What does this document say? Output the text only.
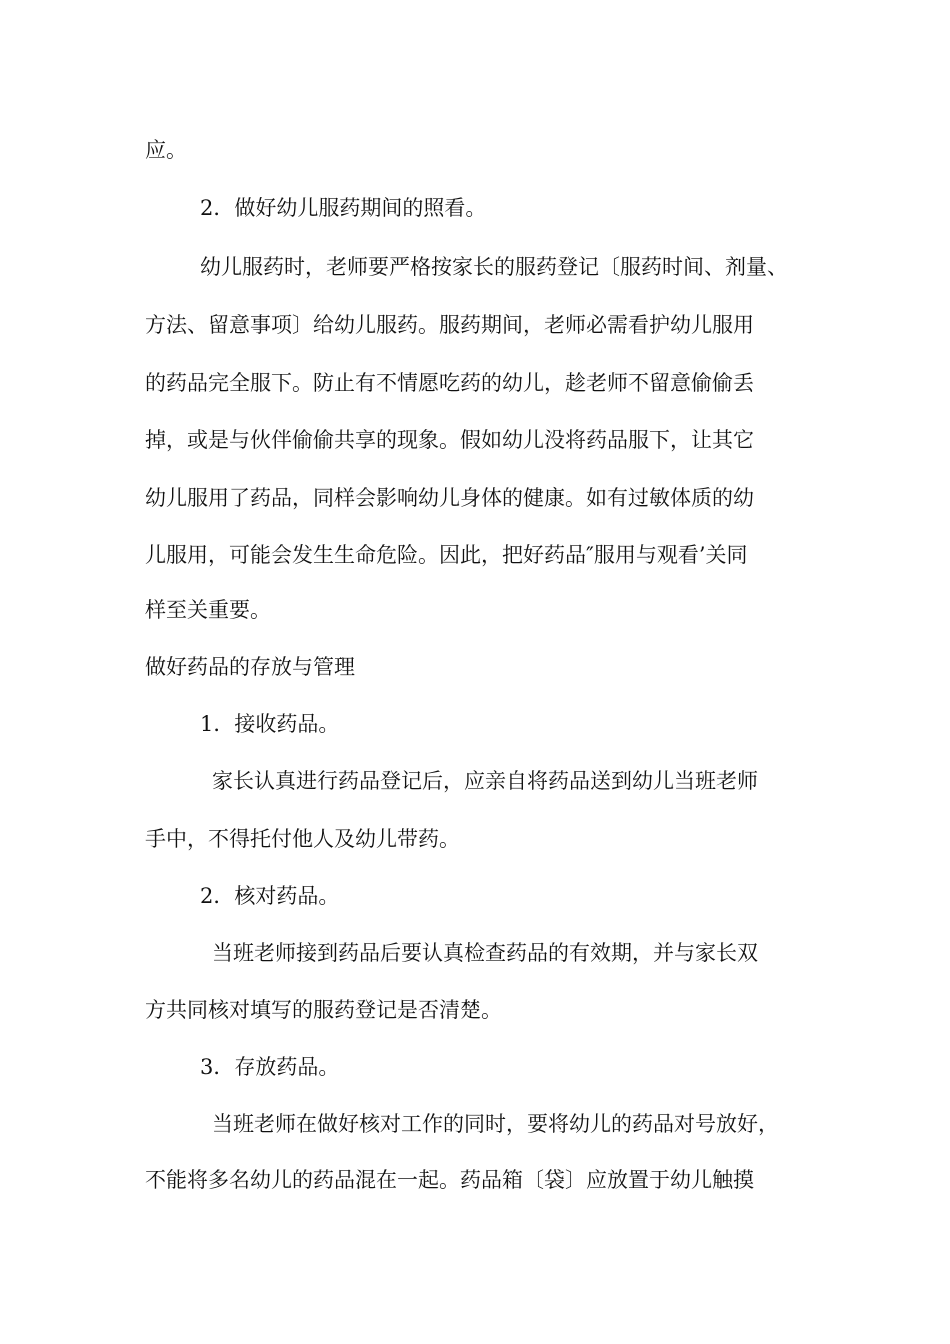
应。
2．做好幼儿服药期间的照看。
幼儿服药时，老师要严格按家长的服药登记〔服药时间、剂量、
方法、留意事项〕给幼儿服药。服药期间，老师必需看护幼儿服用
的药品完全服下。防止有不情愿吃药的幼儿，趁老师不留意偷偷丢
掉，或是与伙伴偷偷共享的现象。假如幼儿没将药品服下，让其它
幼儿服用了药品，同样会影响幼儿身体的健康。如有过敏体质的幼
儿服用，可能会发生生命危险。因此，把好药品″服用与观看’关同
样至关重要。
做好药品的存放与管理
1．接收药品。
家长认真进行药品登记后，应亲自将药品送到幼儿当班老师
手中，不得托付他人及幼儿带药。
2．核对药品。
当班老师接到药品后要认真检查药品的有效期，并与家长双
方共同核对填写的服药登记是否清楚。
3．存放药品。
当班老师在做好核对工作的同时，要将幼儿的药品对号放好，
不能将多名幼儿的药品混在一起。药品箱〔袋〕应放置于幼儿触摸
